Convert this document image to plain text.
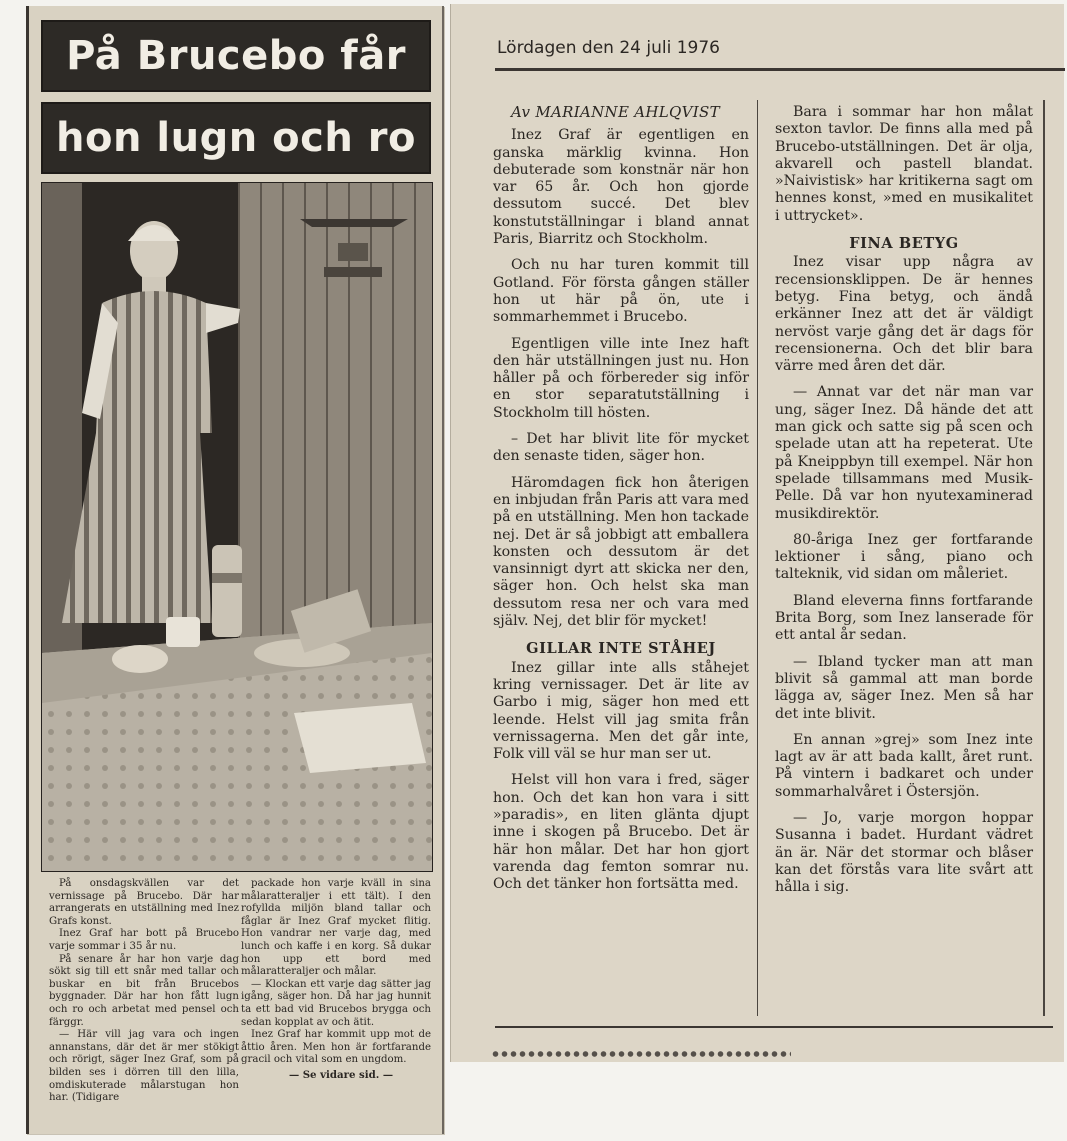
På Brucebo får
hon lugn och ro

På onsdagskvällen var det vernissage på Brucebo. Där har arrangerats en utställning med Inez Grafs konst.

Inez Graf har bott på Brucebo varje sommar i 35 år nu.

På senare år har hon varje dag sökt sig till ett snår med tallar och buskar en bit från Brucebos byggnader. Där har hon fått lugn och ro och arbetat med pensel och färggr.

— Här vill jag vara och ingen annanstans, där det är mer stökigt och rörigt, säger Inez Graf, som på bilden ses i dörren till den lilla, omdiskuterade målarstugan hon har. (Tidigare

packade hon varje kväll in sina målaratteraljer i ett tält). I den rofyllda miljön bland tallar och fåglar är Inez Graf mycket flitig. Hon vandrar ner varje dag, med lunch och kaffe i en korg. Så dukar hon upp ett bord med målaratteraljer och målar.

— Klockan ett varje dag sätter jag igång, säger hon. Då har jag hunnit ta ett bad vid Brucebos brygga och sedan kopplat av och ätit.

Inez Graf har kommit upp mot de åttio åren. Men hon är fortfarande gracil och vital som en ungdom.

— Se vidare sid. —

Lördagen den 24 juli 1976

Av MARIANNE AHLQVIST

Inez Graf är egentligen en ganska märklig kvinna. Hon debuterade som konstnär när hon var 65 år. Och hon gjorde dessutom succé. Det blev konstutställningar i bland annat Paris, Biarritz och Stockholm.

Och nu har turen kommit till Gotland. För första gången ställer hon ut här på ön, ute i sommarhemmet i Brucebo.

Egentligen ville inte Inez haft den här utställningen just nu. Hon håller på och förbereder sig inför en stor separatutställning i Stockholm till hösten.

– Det har blivit lite för mycket den senaste tiden, säger hon.

Häromdagen fick hon återigen en inbjudan från Paris att vara med på en utställning. Men hon tackade nej. Det är så jobbigt att emballera konsten och dessutom är det vansinnigt dyrt att skicka ner den, säger hon. Och helst ska man dessutom resa ner och vara med själv. Nej, det blir för mycket!

GILLAR INTE STÅHEJ

Inez gillar inte alls ståhejet kring vernissager. Det är lite av Garbo i mig, säger hon med ett leende. Helst vill jag smita från vernissagerna. Men det går inte, Folk vill väl se hur man ser ut.

Helst vill hon vara i fred, säger hon. Och det kan hon vara i sitt »paradis», en liten glänta djupt inne i skogen på Brucebo. Det är här hon målar. Det har hon gjort varenda dag femton somrar nu. Och det tänker hon fortsätta med.

Bara i sommar har hon målat sexton tavlor. De finns alla med på Brucebo-utställningen. Det är olja, akvarell och pastell blandat. »Naivistisk» har kritikerna sagt om hennes konst, »med en musikalitet i uttrycket».

FINA BETYG

Inez visar upp några av recensionsklippen. De är hennes betyg. Fina betyg, och ändå erkänner Inez att det är väldigt nervöst varje gång det är dags för recensionerna. Och det blir bara värre med åren det där.

— Annat var det när man var ung, säger Inez. Då hände det att man gick och satte sig på scen och spelade utan att ha repeterat. Ute på Kneippbyn till exempel. När hon spelade tillsammans med Musik-Pelle. Då var hon nyutexaminerad musikdirektör.

80-åriga Inez ger fortfarande lektioner i sång, piano och talteknik, vid sidan om måleriet.

Bland eleverna finns fortfarande Brita Borg, som Inez lanserade för ett antal år sedan.

— Ibland tycker man att man blivit så gammal att man borde lägga av, säger Inez. Men så har det inte blivit.

En annan »grej» som Inez inte lagt av är att bada kallt, året runt. På vintern i badkaret och under sommarhalvåret i Östersjön.

— Jo, varje morgon hoppar Susanna i badet. Hurdant vädret än är. När det stormar och blåser kan det förstås vara lite svårt att hålla i sig.
